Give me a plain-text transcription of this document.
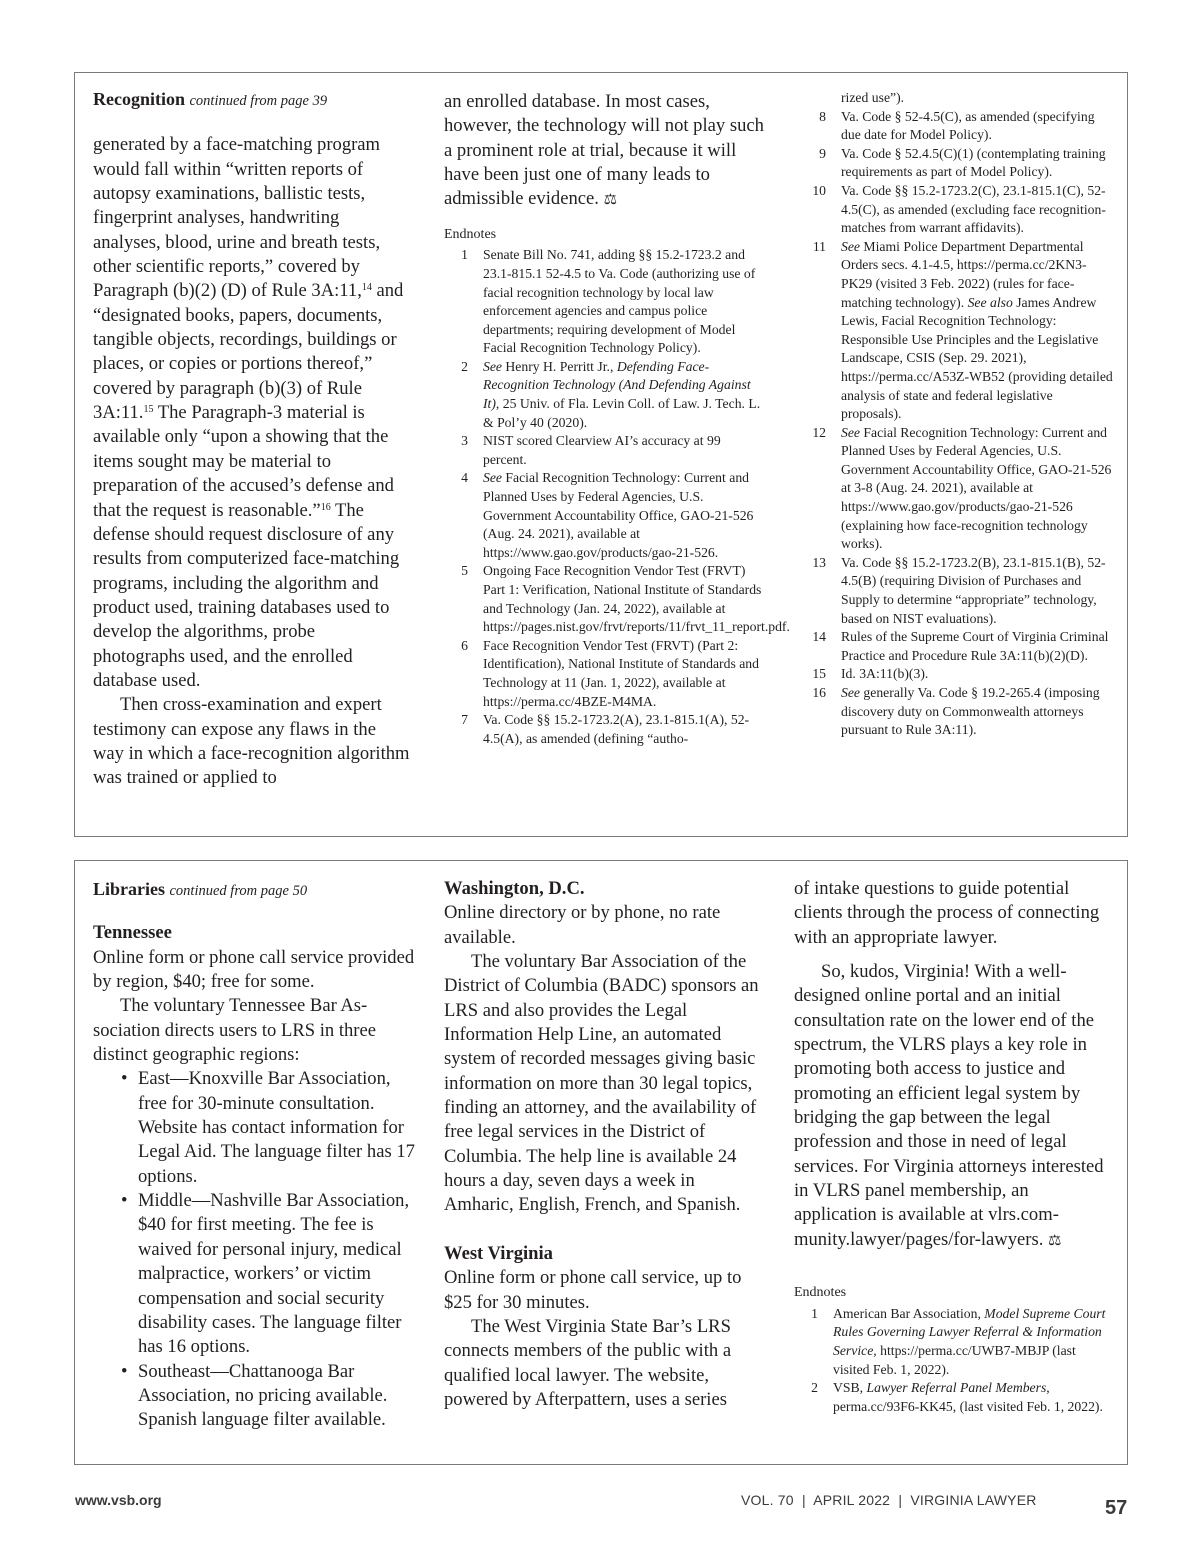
Recognition continued from page 39

generated by a face-matching program would fall within “written reports of autopsy examinations, ballistic tests, fingerprint analyses, handwriting analyses, blood, urine and breath tests, other scientific reports,” covered by Paragraph (b)(2) (D) of Rule 3A:11,14 and “designated books, papers, documents, tangible objects, recordings, buildings or places, or copies or portions thereof,” covered by paragraph (b)(3) of Rule 3A:11.15 The Paragraph-3 material is available only “upon a showing that the items sought may be material to preparation of the accused’s defense and that the request is reasonable.”$^{16}$ The defense should request disclosure of any results from computerized face-matching programs, including the algorithm and product used, training databases used to develop the algorithms, probe photographs used, and the enrolled database used.

Then cross-examination and expert testimony can expose any flaws in the way in which a face-recognition algorithm was trained or applied to

an enrolled database. In most cases, however, the technology will not play such a prominent role at trial, because it will have been just one of many leads to admissible evidence. ⚖

Endnotes
1 Senate Bill No. 741, adding §§ 15.2-1723.2 and 23.1-815.1 52-4.5 to Va. Code (authorizing use of facial recognition technology by local law enforcement agencies and campus police departments; requiring development of Model Facial Recognition Technology Policy).
2 See Henry H. Perritt Jr., Defending Face-Recognition Technology (And Defending Against It), 25 Univ. of Fla. Levin Coll. of Law. J. Tech. L. & Pol’y 40 (2020).
3 NIST scored Clearview AI’s accuracy at 99 percent.
4 See Facial Recognition Technology: Current and Planned Uses by Federal Agencies, U.S. Government Accountability Office, GAO-21-526 (Aug. 24. 2021), available at https://www.gao.gov/products/gao-21-526.
5 Ongoing Face Recognition Vendor Test (FRVT) Part 1: Verification, National Institute of Standards and Technology (Jan. 24, 2022), available at https://pages.nist.gov/frvt/reports/11/frvt_11_report.pdf.
6 Face Recognition Vendor Test (FRVT) (Part 2: Identification), National Institute of Standards and Technology at 11 (Jan. 1, 2022), available at https://perma.cc/4BZE-M4MA.
7 Va. Code §§ 15.2-1723.2(A), 23.1-815.1(A), 52-4.5(A), as amended (defining “autho-
rized use”).
8 Va. Code § 52-4.5(C), as amended (specifying due date for Model Policy).
9 Va. Code § 52.4.5(C)(1) (contemplating training requirements as part of Model Policy).
10 Va. Code §§ 15.2-1723.2(C), 23.1-815.1(C), 52-4.5(C), as amended (excluding face recognition-matches from warrant affidavits).
11 See Miami Police Department Departmental Orders secs. 4.1-4.5, https://perma.cc/2KN3-PK29 (visited 3 Feb. 2022) (rules for face-matching technology). See also James Andrew Lewis, Facial Recognition Technology: Responsible Use Principles and the Legislative Landscape, CSIS (Sep. 29. 2021), https://perma.cc/A53Z-WB52 (providing detailed analysis of state and federal legislative proposals).
12 See Facial Recognition Technology: Current and Planned Uses by Federal Agencies, U.S. Government Accountability Office, GAO-21-526 at 3-8 (Aug. 24. 2021), available at https://www.gao.gov/products/gao-21-526 (explaining how face-recognition technology works).
13 Va. Code §§ 15.2-1723.2(B), 23.1-815.1(B), 52-4.5(B) (requiring Division of Purchases and Supply to determine “appropriate” technology, based on NIST evaluations).
14 Rules of the Supreme Court of Virginia Criminal Practice and Procedure Rule 3A:11(b)(2)(D).
15 Id. 3A:11(b)(3).
16 See generally Va. Code § 19.2-265.4 (imposing discovery duty on Commonwealth attorneys pursuant to Rule 3A:11).
Libraries continued from page 50

Tennessee

Online form or phone call service provided by region, $40; free for some.

The voluntary Tennessee Bar Association directs users to LRS in three distinct geographic regions:

• East—Knoxville Bar Association, free for 30-minute consultation. Website has contact information for Legal Aid. The language filter has 17 options.
• Middle—Nashville Bar Association, $40 for first meeting. The fee is waived for personal injury, medical malpractice, workers’ or victim compensation and social security disability cases. The language filter has 16 options.
• Southeast—Chattanooga Bar Association, no pricing available. Spanish language filter available.

Washington, D.C.

Online directory or by phone, no rate available.

The voluntary Bar Association of the District of Columbia (BADC) sponsors an LRS and also provides the Legal Information Help Line, an automated system of recorded messages giving basic information on more than 30 legal topics, finding an attorney, and the availability of free legal services in the District of Columbia. The help line is available 24 hours a day, seven days a week in Amharic, English, French, and Spanish.

West Virginia

Online form or phone call service, up to $25 for 30 minutes.

The West Virginia State Bar’s LRS connects members of the public with a qualified local lawyer. The website, powered by Afterpattern, uses a series

of intake questions to guide potential clients through the process of connecting with an appropriate lawyer.

So, kudos, Virginia! With a well-designed online portal and an initial consultation rate on the lower end of the spectrum, the VLRS plays a key role in promoting both access to justice and promoting an efficient legal system by bridging the gap between the legal profession and those in need of legal services. For Virginia attorneys interested in VLRS panel membership, an application is available at vlrs.community.lawyer/pages/for-lawyers. ⚖

Endnotes
1 American Bar Association, Model Supreme Court Rules Governing Lawyer Referral & Information Service, https://perma.cc/UWB7-MBJP (last visited Feb. 1, 2022).
2 VSB, Lawyer Referral Panel Members, perma.cc/93F6-KK45, (last visited Feb. 1, 2022).
www.vsb.org	VOL. 70  |  APRIL 2022  |  VIRGINIA LAWYER	57
